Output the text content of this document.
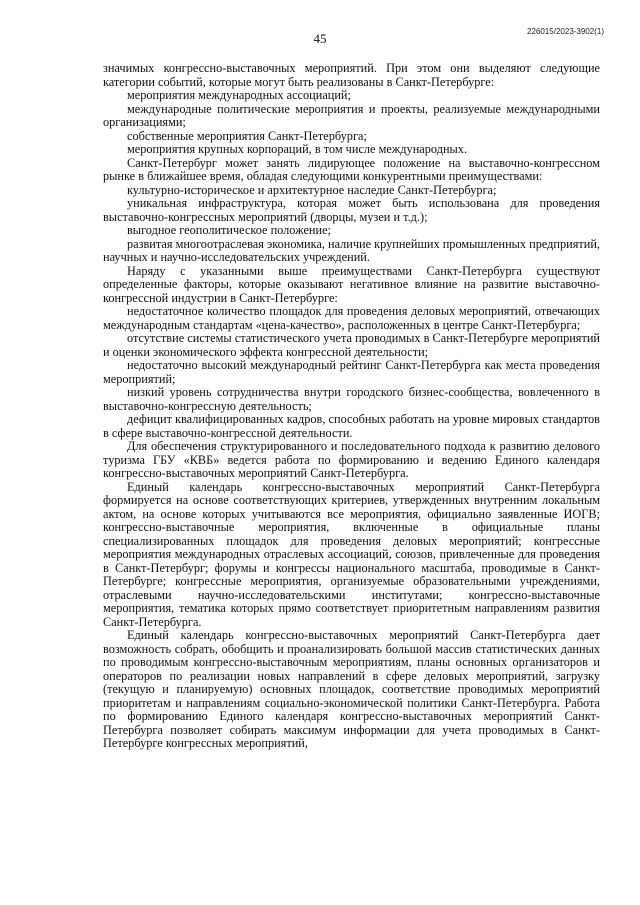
226015/2023-3902(1)
45

значимых конгрессно-выставочных мероприятий. При этом они выделяют следующие категории событий, которые могут быть реализованы в Санкт-Петербурге:

мероприятия международных ассоциаций;

международные политические мероприятия и проекты, реализуемые международными организациями;

собственные мероприятия Санкт-Петербурга;

мероприятия крупных корпораций, в том числе международных.

Санкт-Петербург может занять лидирующее положение на выставочно-конгрессном рынке в ближайшее время, обладая следующими конкурентными преимуществами:

культурно-историческое и архитектурное наследие Санкт-Петербурга;

уникальная инфраструктура, которая может быть использована для проведения выставочно-конгрессных мероприятий (дворцы, музеи и т.д.);

выгодное геополитическое положение;

развитая многоотраслевая экономика, наличие крупнейших промышленных предприятий, научных и научно-исследовательских учреждений.

Наряду с указанными выше преимуществами Санкт-Петербурга существуют определенные факторы, которые оказывают негативное влияние на развитие выставочно-конгрессной индустрии в Санкт-Петербурге:

недостаточное количество площадок для проведения деловых мероприятий, отвечающих международным стандартам «цена-качество», расположенных в центре Санкт-Петербурга;

отсутствие системы статистического учета проводимых в Санкт-Петербурге мероприятий и оценки экономического эффекта конгрессной деятельности;

недостаточно высокий международный рейтинг Санкт-Петербурга как места проведения мероприятий;

низкий уровень сотрудничества внутри городского бизнес-сообщества, вовлеченного в выставочно-конгрессную деятельность;

дефицит квалифицированных кадров, способных работать на уровне мировых стандартов в сфере выставочно-конгрессной деятельности.

Для обеспечения структурированного и последовательного подхода к развитию делового туризма ГБУ «КВБ» ведется работа по формированию и ведению Единого календаря конгрессно-выставочных мероприятий Санкт-Петербурга.

Единый календарь конгрессно-выставочных мероприятий Санкт-Петербурга формируется на основе соответствующих критериев, утвержденных внутренним локальным актом, на основе которых учитываются все мероприятия, официально заявленные ИОГВ; конгрессно-выставочные мероприятия, включенные в официальные планы специализированных площадок для проведения деловых мероприятий; конгрессные мероприятия международных отраслевых ассоциаций, союзов, привлеченные для проведения в Санкт-Петербург; форумы и конгрессы национального масштаба, проводимые в Санкт-Петербурге; конгрессные мероприятия, организуемые образовательными учреждениями, отраслевыми научно-исследовательскими институтами; конгрессно-выставочные мероприятия, тематика которых прямо соответствует приоритетным направлениям развития Санкт-Петербурга.

Единый календарь конгрессно-выставочных мероприятий Санкт-Петербурга дает возможность собрать, обобщить и проанализировать большой массив статистических данных по проводимым конгрессно-выставочным мероприятиям, планы основных организаторов и операторов по реализации новых направлений в сфере деловых мероприятий, загрузку (текущую и планируемую) основных площадок, соответствие проводимых мероприятий приоритетам и направлениям социально-экономической политики Санкт-Петербурга. Работа по формированию Единого календаря конгрессно-выставочных мероприятий Санкт-Петербурга позволяет собирать максимум информации для учета проводимых в Санкт-Петербурге конгрессных мероприятий,
